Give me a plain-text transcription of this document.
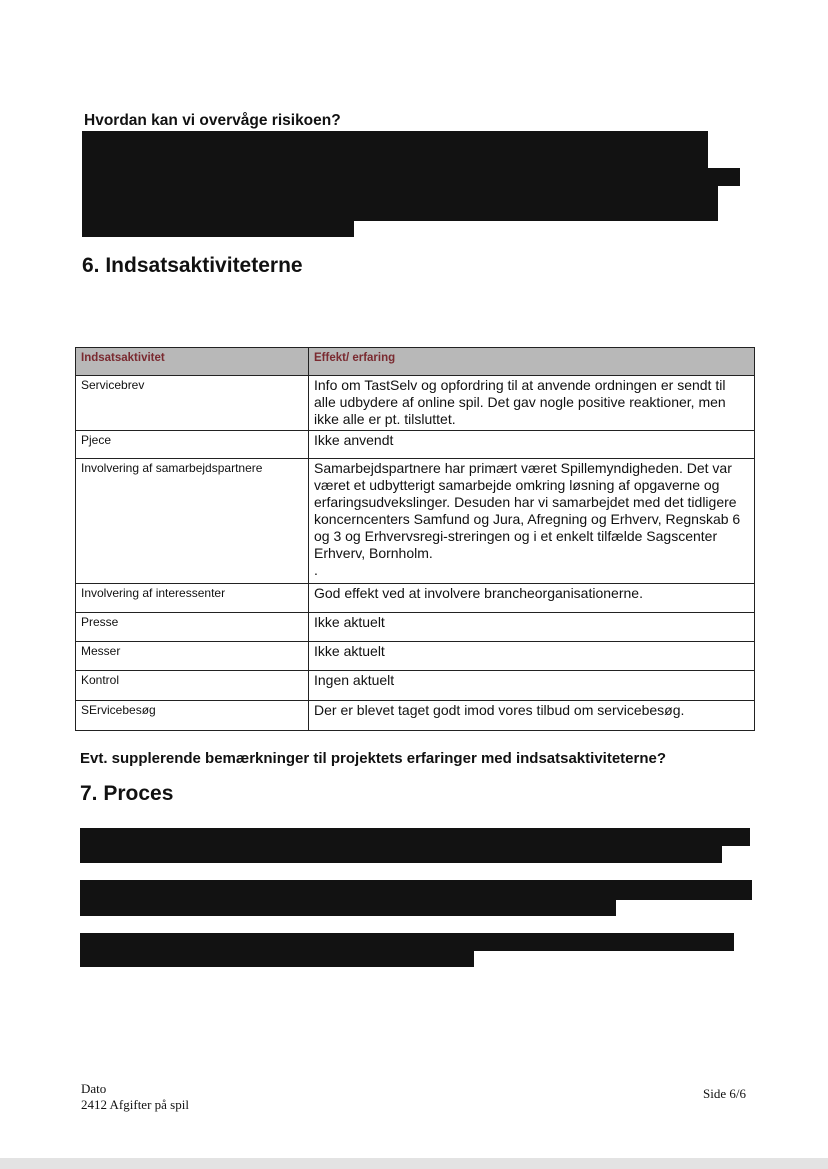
Hvordan kan vi overvåge risikoen?

6. Indsatsaktiviteterne
Indsatsaktivitet	Effekt/ erfaring
Servicebrev	Info om TastSelv og opfordring til at anvende ordningen er sendt til alle udbydere af online spil. Det gav nogle positive reaktioner, men ikke alle er pt. tilsluttet.
Pjece	Ikke anvendt
Involvering af samarbejdspartnere	Samarbejdspartnere har primært været Spillemyndigheden. Det var været et udbytterigt samarbejde omkring løsning af opgaverne og erfaringsudvekslinger. Desuden har vi samarbejdet med det tidligere koncerncenters Samfund og Jura, Afregning og Erhverv, Regnskab 6 og 3 og Erhvervsregi-streringen og i et enkelt tilfælde Sagscenter Erhverv, Bornholm.
.
Involvering af interessenter	God effekt ved at involvere brancheorganisationerne.
Presse	Ikke aktuelt
Messer	Ikke aktuelt
Kontrol	Ingen aktuelt
SErvicebesøg	Der er blevet taget godt imod vores tilbud om servicebesøg.

Evt. supplerende bemærkninger til projektets erfaringer med indsatsaktiviteterne?

7. Proces
Dato
2412 Afgifter på spil
Side 6/6
